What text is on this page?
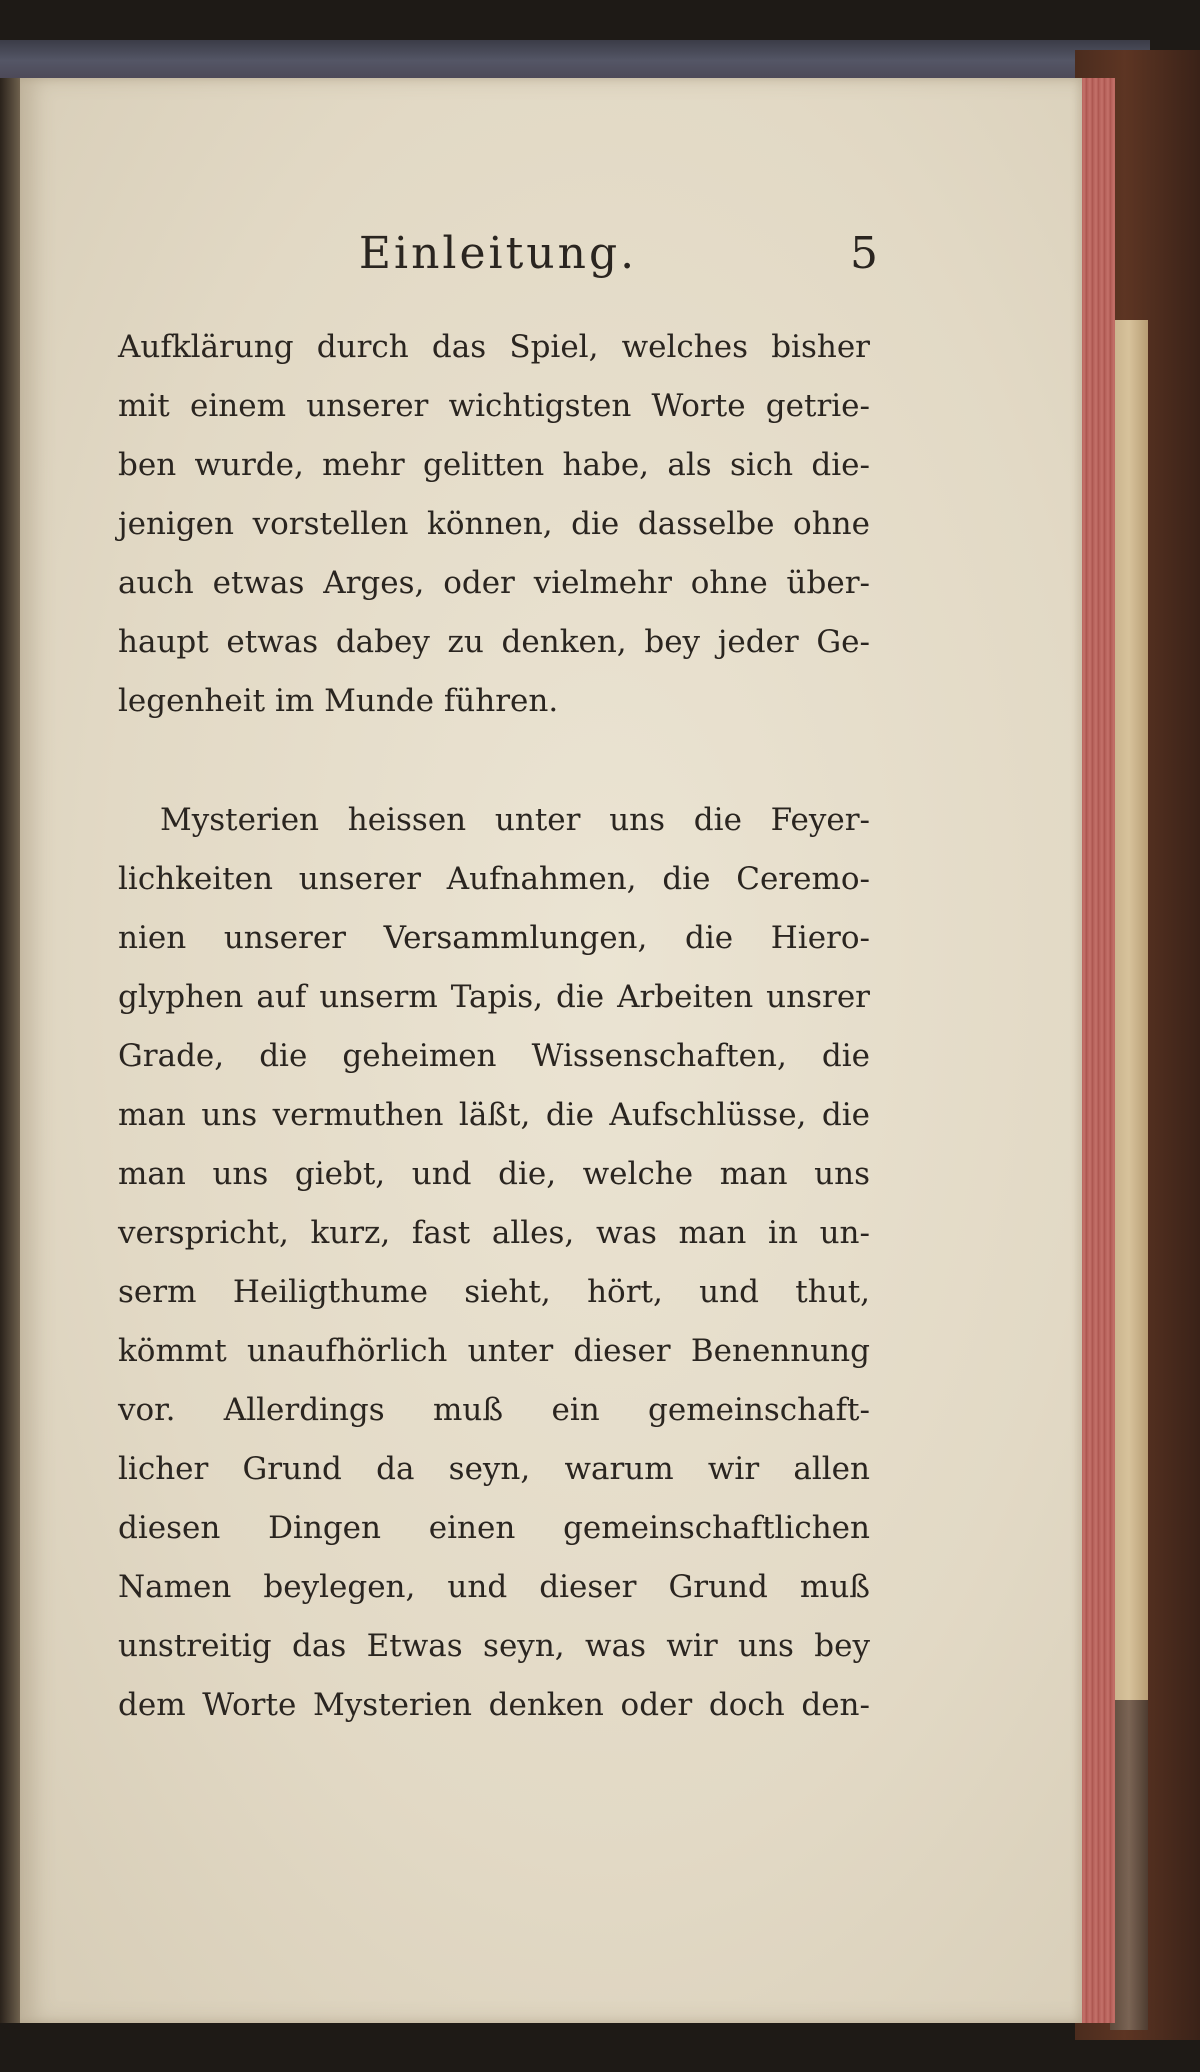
Einleitung.	5
Aufklärung durch das Spiel, welches bisher
mit einem unserer wichtigsten Worte getrie-
ben wurde, mehr gelitten habe, als sich die-
jenigen vorstellen können, die dasselbe ohne
auch etwas Arges, oder vielmehr ohne über-
haupt etwas dabey zu denken, bey jeder Ge-
legenheit im Munde führen.
Mysterien heissen unter uns die Feyer-
lichkeiten unserer Aufnahmen, die Ceremo-
nien unserer Versammlungen, die Hiero-
glyphen auf unserm Tapis, die Arbeiten unsrer
Grade, die geheimen Wissenschaften, die
man uns vermuthen läßt, die Aufschlüsse, die
man uns giebt, und die, welche man uns
verspricht, kurz, fast alles, was man in un-
serm Heiligthume sieht, hört, und thut,
kömmt unaufhörlich unter dieser Benennung
vor. Allerdings muß ein gemeinschaft-
licher Grund da seyn, warum wir allen
diesen Dingen einen gemeinschaftlichen
Namen beylegen, und dieser Grund muß
unstreitig das Etwas seyn, was wir uns bey
dem Worte Mysterien denken oder doch den-
